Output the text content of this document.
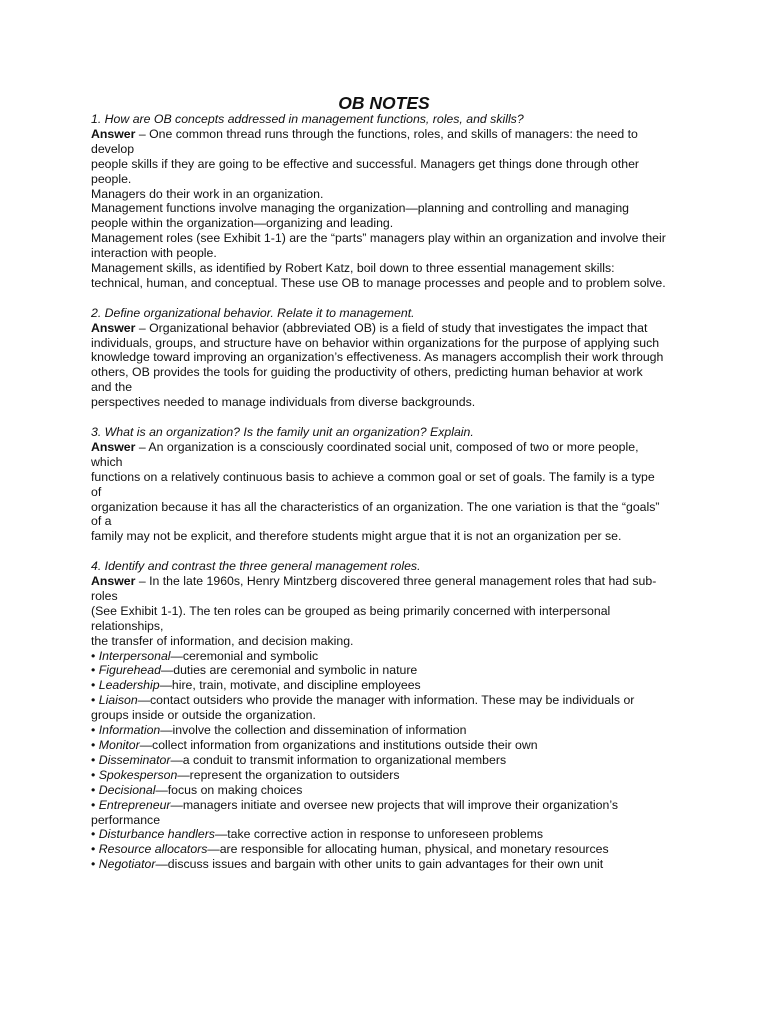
OB NOTES
1. How are OB concepts addressed in management functions, roles, and skills?
Answer – One common thread runs through the functions, roles, and skills of managers: the need to
develop
people skills if they are going to be effective and successful. Managers get things done through other
people.
Managers do their work in an organization.
Management functions involve managing the organization—planning and controlling and managing
people within the organization—organizing and leading.
Management roles (see Exhibit 1-1) are the “parts” managers play within an organization and involve their
interaction with people.
Management skills, as identified by Robert Katz, boil down to three essential management skills:
technical, human, and conceptual. These use OB to manage processes and people and to problem solve.
2. Define organizational behavior. Relate it to management.
Answer – Organizational behavior (abbreviated OB) is a field of study that investigates the impact that
individuals, groups, and structure have on behavior within organizations for the purpose of applying such
knowledge toward improving an organization’s effectiveness. As managers accomplish their work through
others, OB provides the tools for guiding the productivity of others, predicting human behavior at work
and the
perspectives needed to manage individuals from diverse backgrounds.
3. What is an organization? Is the family unit an organization? Explain.
Answer – An organization is a consciously coordinated social unit, composed of two or more people,
which
functions on a relatively continuous basis to achieve a common goal or set of goals. The family is a type
of
organization because it has all the characteristics of an organization. The one variation is that the “goals”
of a
family may not be explicit, and therefore students might argue that it is not an organization per se.
4. Identify and contrast the three general management roles.
Answer – In the late 1960s, Henry Mintzberg discovered three general management roles that had sub-
roles
(See Exhibit 1-1). The ten roles can be grouped as being primarily concerned with interpersonal
relationships,
the transfer of information, and decision making.
• Interpersonal—ceremonial and symbolic
• Figurehead—duties are ceremonial and symbolic in nature
• Leadership—hire, train, motivate, and discipline employees
• Liaison—contact outsiders who provide the manager with information. These may be individuals or
groups inside or outside the organization.
• Information—involve the collection and dissemination of information
• Monitor—collect information from organizations and institutions outside their own
• Disseminator—a conduit to transmit information to organizational members
• Spokesperson—represent the organization to outsiders
• Decisional—focus on making choices
• Entrepreneur—managers initiate and oversee new projects that will improve their organization’s
performance
• Disturbance handlers—take corrective action in response to unforeseen problems
• Resource allocators—are responsible for allocating human, physical, and monetary resources
• Negotiator—discuss issues and bargain with other units to gain advantages for their own unit
